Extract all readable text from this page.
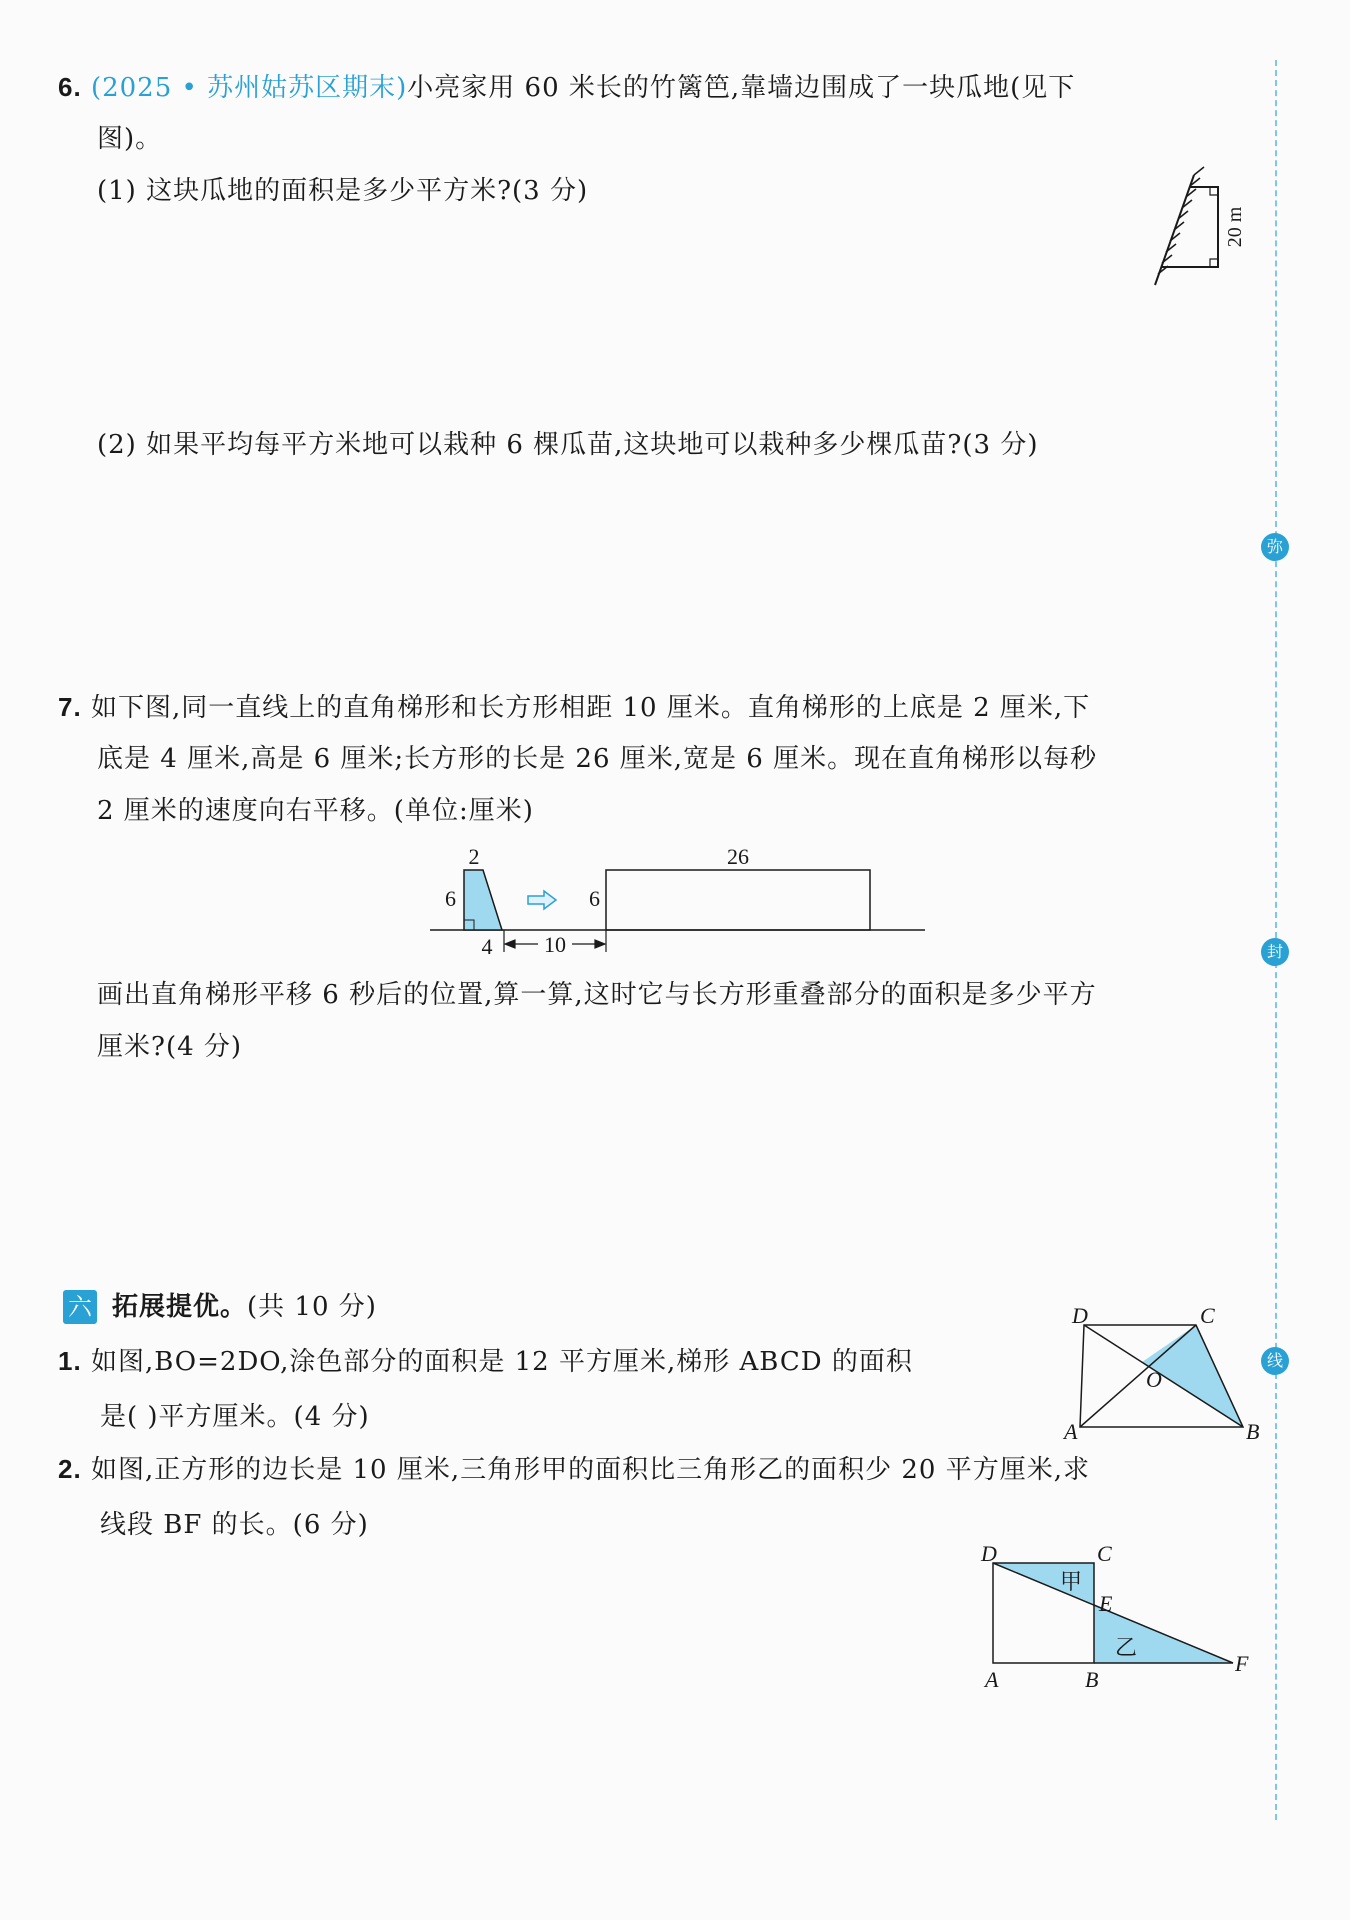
6. (2025 • 苏州姑苏区期末)小亮家用 60 米长的竹篱笆,靠墙边围成了一块瓜地(见下
图)。
(1) 这块瓜地的面积是多少平方米?(3 分)
20 m
(2) 如果平均每平方米地可以栽种 6 棵瓜苗,这块地可以栽种多少棵瓜苗?(3 分)
7. 如下图,同一直线上的直角梯形和长方形相距 10 厘米。直角梯形的上底是 2 厘米,下
底是 4 厘米,高是 6 厘米;长方形的长是 26 厘米,宽是 6 厘米。现在直角梯形以每秒
2 厘米的速度向右平移。(单位:厘米)
2
6
4
26
6
10
画出直角梯形平移 6 秒后的位置,算一算,这时它与长方形重叠部分的面积是多少平方
厘米?(4 分)
六 拓展提优。(共 10 分)
1. 如图,BO=2DO,涂色部分的面积是 12 平方厘米,梯形 ABCD 的面积
是( )平方厘米。(4 分)
D	C
O
A	B
2. 如图,正方形的边长是 10 厘米,三角形甲的面积比三角形乙的面积少 20 平方厘米,求
线段 BF 的长。(6 分)
D	C
E
A	B
F
甲
乙
弥
封
线
